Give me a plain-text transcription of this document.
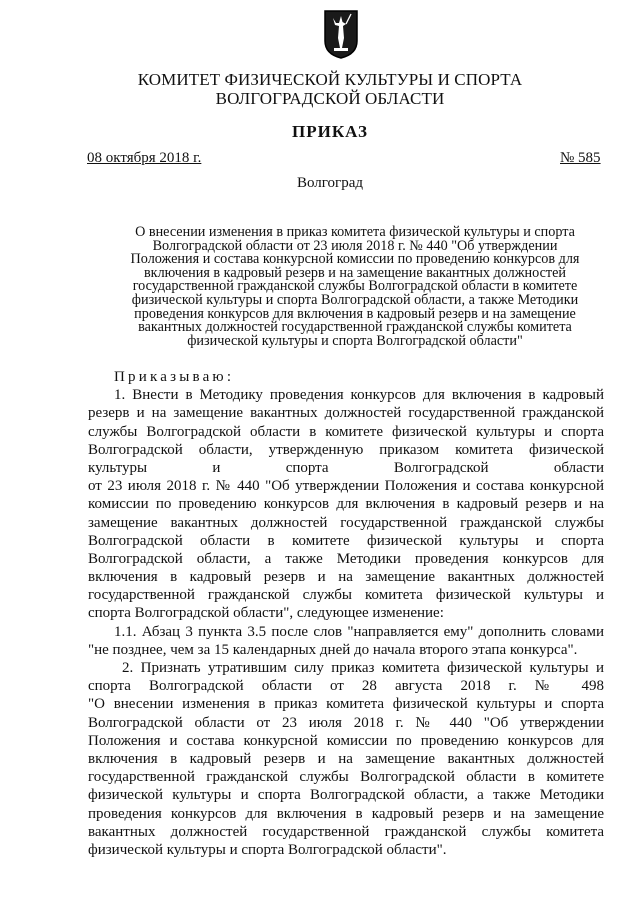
КОМИТЕТ ФИЗИЧЕСКОЙ КУЛЬТУРЫ И СПОРТА
ВОЛГОГРАДСКОЙ ОБЛАСТИ
ПРИКАЗ
08 октября 2018 г.	№ 585
Волгоград
О внесении изменения в приказ комитета физической культуры и спорта
Волгоградской области от 23 июля 2018 г. № 440 "Об утверждении
Положения и состава конкурсной комиссии по проведению конкурсов для
включения в кадровый резерв и на замещение вакантных должностей
государственной гражданской службы Волгоградской области в комитете
физической культуры и спорта Волгоградской области, а также Методики
проведения конкурсов для включения в кадровый резерв и на замещение
вакантных должностей государственной гражданской службы комитета
физической культуры и спорта Волгоградской области"
Приказываю:
1. Внести в Методику проведения конкурсов для включения в кадровый
резерв и на замещение вакантных должностей государственной гражданской
службы Волгоградской области в комитете физической культуры и спорта
Волгоградской области, утвержденную приказом комитета физической
культуры и спорта Волгоградской области
от 23 июля 2018 г. № 440 "Об утверждении Положения и состава конкурсной
комиссии по проведению конкурсов для включения в кадровый резерв и на
замещение вакантных должностей государственной гражданской службы
Волгоградской области в комитете физической культуры и спорта
Волгоградской области, а также Методики проведения конкурсов для
включения в кадровый резерв и на замещение вакантных должностей
государственной гражданской службы комитета физической культуры и
спорта Волгоградской области", следующее изменение:
1.1. Абзац 3 пункта 3.5 после слов "направляется ему" дополнить словами
"не позднее, чем за 15 календарных дней до начала второго этапа конкурса".
2. Признать утратившим силу приказ комитета физической культуры и
спорта Волгоградской области от 28 августа 2018 г. № 498
"О внесении изменения в приказ комитета физической культуры и спорта
Волгоградской области от 23 июля 2018 г. № 440 "Об утверждении
Положения и состава конкурсной комиссии по проведению конкурсов для
включения в кадровый резерв и на замещение вакантных должностей
государственной гражданской службы Волгоградской области в комитете
физической культуры и спорта Волгоградской области, а также Методики
проведения конкурсов для включения в кадровый резерв и на замещение
вакантных должностей государственной гражданской службы комитета
физической культуры и спорта Волгоградской области".
